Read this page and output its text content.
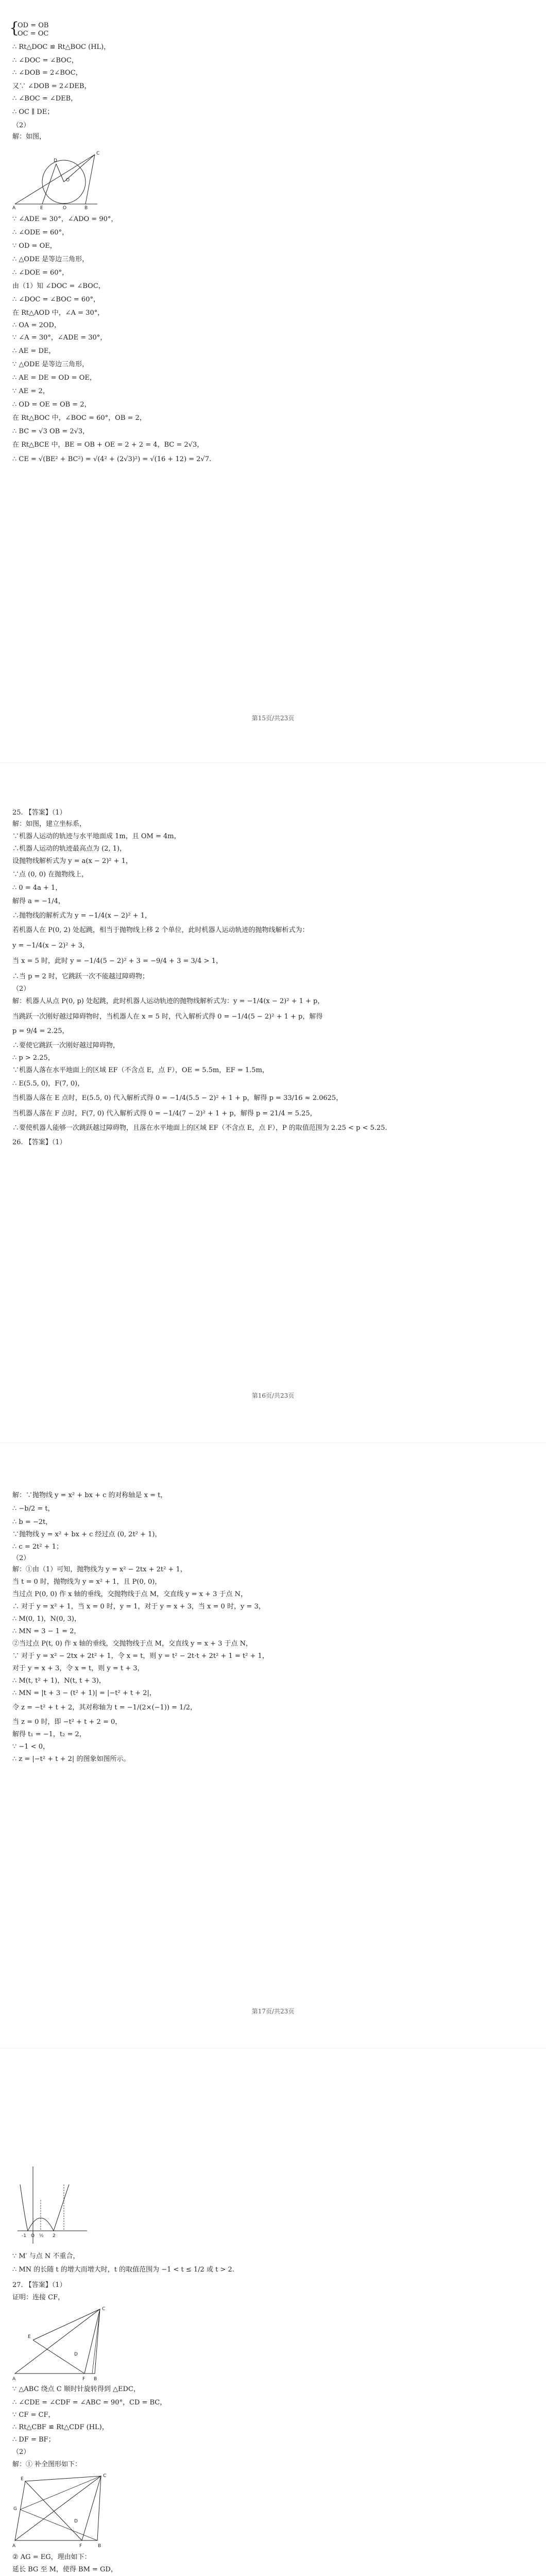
{
OD = OB
OC = OC
∴ Rt△DOC ≌ Rt△BOC (HL)，
∴ ∠DOC = ∠BOC，
∴ ∠DOB = 2∠BOC，
又∵ ∠DOB = 2∠DEB，
∴ ∠BOC = ∠DEB，
∴ OC ∥ DE；
（2）
解：如图，
A	E	O	B
D
C
O
∵ ∠ADE = 30°，∠ADO = 90°，
∴ ∠ODE = 60°，
∵ OD = OE，
∴ △ODE 是等边三角形，
∴ ∠DOE = 60°，
由（1）知 ∠DOC = ∠BOC，
∴ ∠DOC = ∠BOC = 60°，
在 Rt△AOD 中，∠A = 30°，
∴ OA = 2OD，
∵ ∠A = 30°，∠ADE = 30°，
∴ AE = DE，
∵ △ODE 是等边三角形，
∴ AE = DE = OD = OE，
∵ AE = 2，
∴ OD = OE = OB = 2，
在 Rt△BOC 中，∠BOC = 60°，OB = 2，
∴ BC = √3 OB = 2√3，
在 Rt△BCE 中，BE = OB + OE = 2 + 2 = 4，BC = 2√3，
∴ CE = √(BE² + BC²) = √(4² + (2√3)²) = √(16 + 12) = 2√7.
第15页/共23页
25. 【答案】（1）
解：如图，建立坐标系，
∵机器人运动的轨迹与水平地面成 1m，且 OM = 4m，
∴机器人运动的轨迹最高点为 (2, 1)，
设抛物线解析式为 y = a(x − 2)² + 1，
∵点 (0, 0) 在抛物线上，
∴ 0 = 4a + 1，
解得 a = −1/4，
∴抛物线的解析式为 y = −1/4(x − 2)² + 1，
若机器人在 P(0, 2) 处起跳，相当于抛物线上移 2 个单位，此时机器人运动轨迹的抛物线解析式为：
y = −1/4(x − 2)² + 3，
当 x = 5 时，此时 y = −1/4(5 − 2)² + 3 = −9/4 + 3 = 3/4 > 1，
∴当 p = 2 时，它跳跃一次不能越过障碍物；
（2）
解：机器人从点 P(0, p) 处起跳，此时机器人运动轨迹的抛物线解析式为：y = −1/4(x − 2)² + 1 + p，
当跳跃一次刚好越过障碍物时，当机器人在 x = 5 时，代入解析式得 0 = −1/4(5 − 2)² + 1 + p，解得
p = 9/4 = 2.25，
∴要使它跳跃一次刚好越过障碍物，
∴ p > 2.25，
∵机器人落在水平地面上的区域 EF（不含点 E，点 F），OE = 5.5m，EF = 1.5m，
∴ E(5.5, 0)，F(7, 0)，
当机器人落在 E 点时，E(5.5, 0) 代入解析式得 0 = −1/4(5.5 − 2)² + 1 + p，解得 p = 33/16 ≈ 2.0625，
当机器人落在 F 点时，F(7, 0) 代入解析式得 0 = −1/4(7 − 2)² + 1 + p，解得 p = 21/4 = 5.25，
∴要使机器人能够一次跳跃越过障碍物，且落在水平地面上的区域 EF（不含点 E，点 F），P 的取值范围为 2.25 < p < 5.25.
26. 【答案】（1）
第16页/共23页
解：∵抛物线 y = x² + bx + c 的对称轴是 x = t，
∴ −b/2 = t，
∴ b = −2t，
∵抛物线 y = x² + bx + c 经过点 (0, 2t² + 1)，
∴ c = 2t² + 1；
（2）
解：①由（1）可知，抛物线为 y = x² − 2tx + 2t² + 1，
当 t = 0 时，抛物线为 y = x² + 1，且 P(0, 0)，
当过点 P(0, 0) 作 x 轴的垂线，交抛物线于点 M，交直线 y = x + 3 于点 N，
∴ 对于 y = x² + 1，当 x = 0 时，y = 1，对于 y = x + 3，当 x = 0 时，y = 3，
∴ M(0, 1)，N(0, 3)，
∴ MN = 3 − 1 = 2，
②当过点 P(t, 0) 作 x 轴的垂线，交抛物线于点 M，交直线 y = x + 3 于点 N，
∵ 对于 y = x² − 2tx + 2t² + 1，令 x = t，则 y = t² − 2t·t + 2t² + 1 = t² + 1，
对于 y = x + 3，令 x = t，则 y = t + 3，
∴ M(t, t² + 1)，N(t, t + 3)，
∴ MN = |t + 3 − (t² + 1)| = |−t² + t + 2|，
令 z = −t² + t + 2，其对称轴为 t = −1/(2×(−1)) = 1/2，
当 z = 0 时，即 −t² + t + 2 = 0，
解得 t₁ = −1，t₂ = 2，
∵ −1 < 0，
∴ z = |−t² + t + 2| 的图象如图所示。
第17页/共23页
-1 O ½ 2
∵ M′ 与点 N 不重合，
∴ MN 的长随 t 的增大而增大时，t 的取值范围为 −1 < t ≤ 1/2 或 t > 2.
27. 【答案】（1）
证明：连接 CF，
A	F B
C
E
D
∵ △ABC 绕点 C 顺时针旋转得到 △EDC，
∴ ∠CDE = ∠CDF = ∠ABC = 90°，CD = BC，
∵ CF = CF，
∴ Rt△CBF ≌ Rt△CDF (HL)，
∴ DF = BF；
（2）
解：① 补全图形如下：
A	F	B
C
E
G
D
② AG = EG，理由如下：
延长 BG 至 M，使得 BM = GD，
